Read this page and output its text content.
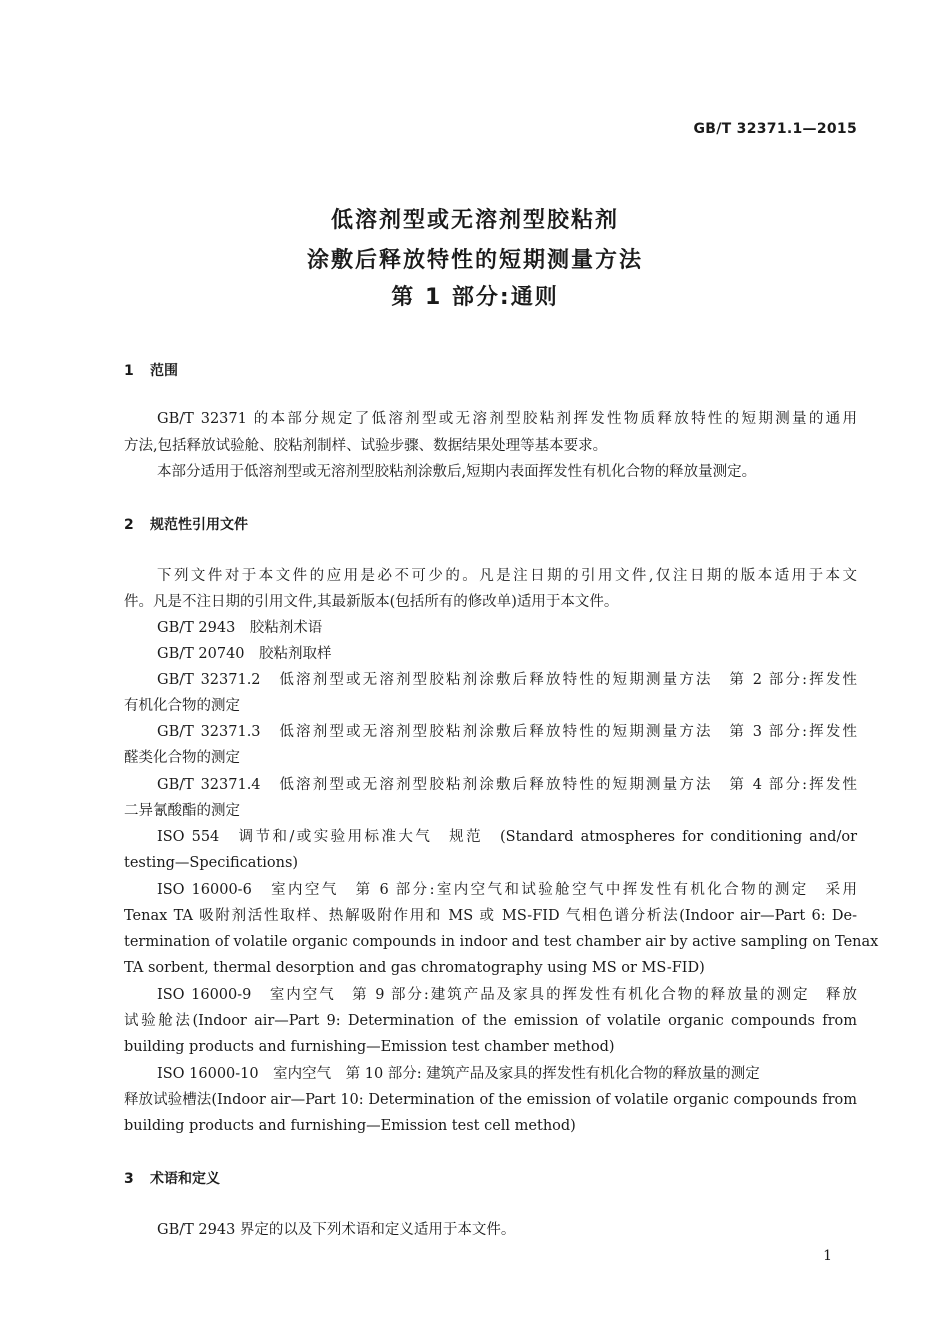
GB/T 32371.1—2015
低溶剂型或无溶剂型胶粘剂
涂敷后释放特性的短期测量方法
第 1 部分:通则
1 范围
GB/T 32371 的本部分规定了低溶剂型或无溶剂型胶粘剂挥发性物质释放特性的短期测量的通用
方法,包括释放试验舱、胶粘剂制样、试验步骤、数据结果处理等基本要求。
本部分适用于低溶剂型或无溶剂型胶粘剂涂敷后,短期内表面挥发性有机化合物的释放量测定。
2 规范性引用文件
下列文件对于本文件的应用是必不可少的。凡是注日期的引用文件,仅注日期的版本适用于本文
件。凡是不注日期的引用文件,其最新版本(包括所有的修改单)适用于本文件。
GB/T 2943　胶粘剂术语
GB/T 20740　胶粘剂取样
GB/T 32371.2　低溶剂型或无溶剂型胶粘剂涂敷后释放特性的短期测量方法　第 2 部分:挥发性
有机化合物的测定
GB/T 32371.3　低溶剂型或无溶剂型胶粘剂涂敷后释放特性的短期测量方法　第 3 部分:挥发性
醛类化合物的测定
GB/T 32371.4　低溶剂型或无溶剂型胶粘剂涂敷后释放特性的短期测量方法　第 4 部分:挥发性
二异氰酸酯的测定
ISO 554　调节和/或实验用标准大气　规范　(Standard atmospheres for conditioning and/or
testing—Specifications)
ISO 16000-6　室内空气　第 6 部分:室内空气和试验舱空气中挥发性有机化合物的测定　采用
Tenax TA 吸附剂活性取样、热解吸附作用和 MS 或 MS-FID 气相色谱分析法(Indoor air—Part 6: De-
termination of volatile organic compounds in indoor and test chamber air by active sampling on Tenax
TA sorbent, thermal desorption and gas chromatography using MS or MS-FID)
ISO 16000-9　室内空气　第 9 部分:建筑产品及家具的挥发性有机化合物的释放量的测定　释放
试验舱法(Indoor air—Part 9: Determination of the emission of volatile organic compounds from
building products and furnishing—Emission test chamber method)
ISO 16000-10　室内空气　第 10 部分: 建筑产品及家具的挥发性有机化合物的释放量的测定
释放试验槽法(Indoor air—Part 10: Determination of the emission of volatile organic compounds from
building products and furnishing—Emission test cell method)
3 术语和定义
GB/T 2943 界定的以及下列术语和定义适用于本文件。
1
